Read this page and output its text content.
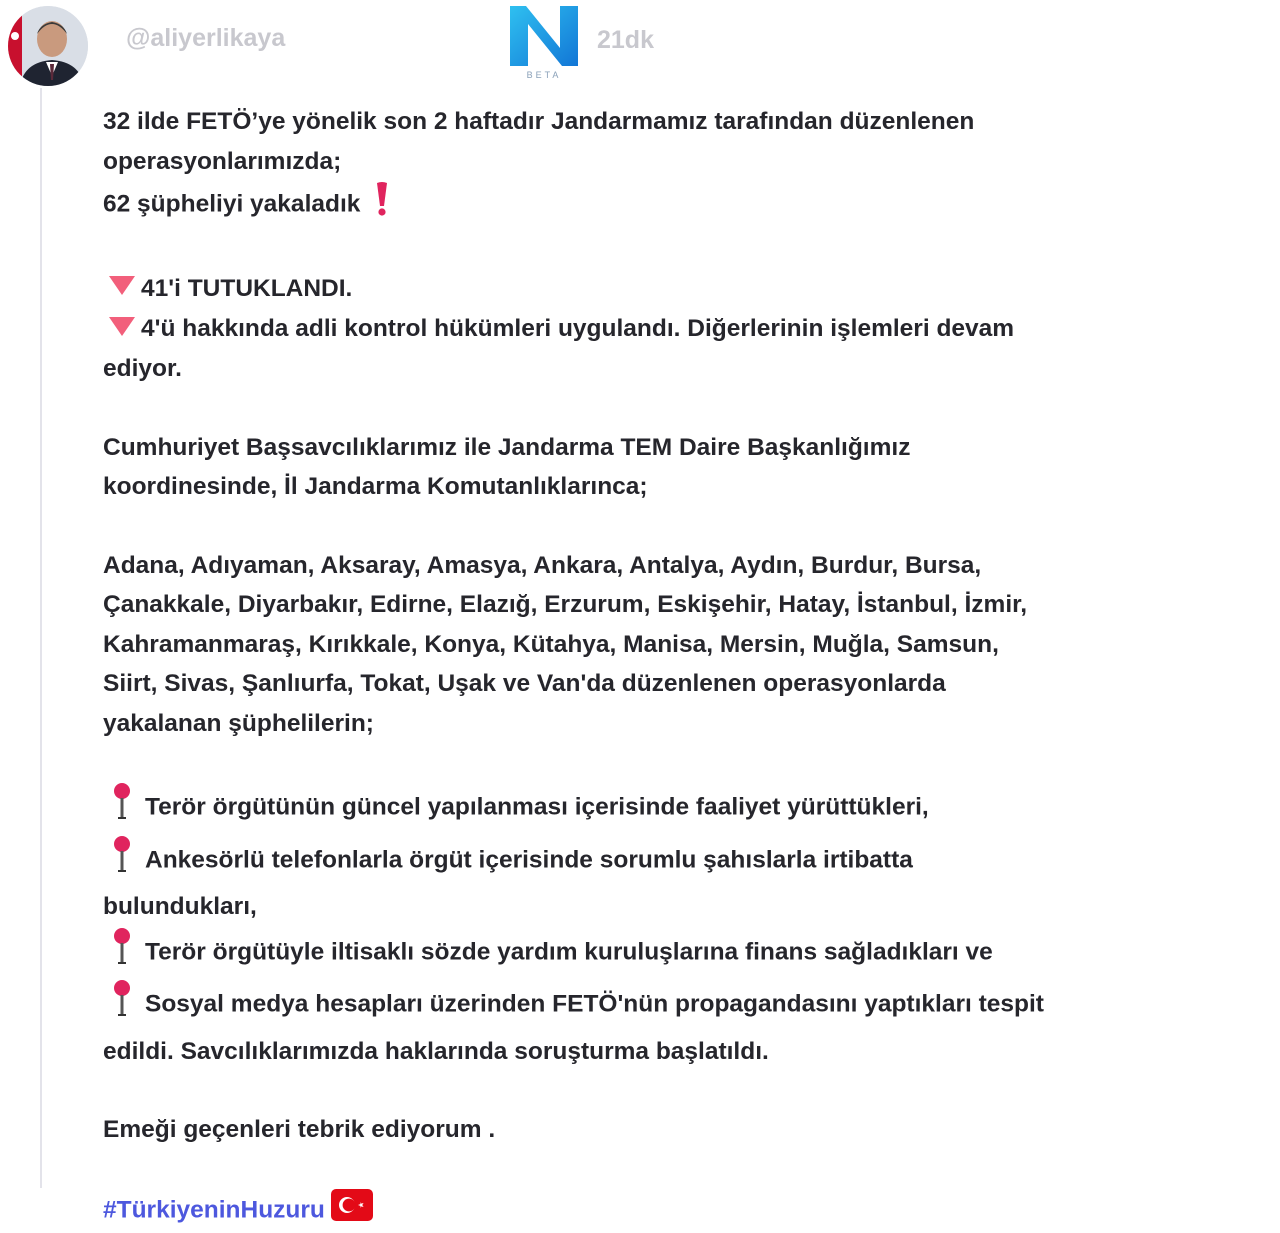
@aliyerlikaya
BETA
21dk

32 ilde FETÖ’ye yönelik son 2 haftadır Jandarmamız tarafından düzenlenen

operasyonlarımızda;

62 şüpheliyi yakaladık

41'i TUTUKLANDI.

4'ü hakkında adli kontrol hükümleri uygulandı. Diğerlerinin işlemleri devam

ediyor.

Cumhuriyet Başsavcılıklarımız ile Jandarma TEM Daire Başkanlığımız

koordinesinde, İl Jandarma Komutanlıklarınca;

Adana, Adıyaman, Aksaray, Amasya, Ankara, Antalya, Aydın, Burdur, Bursa,

Çanakkale, Diyarbakır, Edirne, Elazığ, Erzurum, Eskişehir, Hatay, İstanbul, İzmir,

Kahramanmaraş, Kırıkkale, Konya, Kütahya, Manisa, Mersin, Muğla, Samsun,

Siirt, Sivas, Şanlıurfa, Tokat, Uşak ve Van'da düzenlenen operasyonlarda

yakalanan şüphelilerin;

Terör örgütünün güncel yapılanması içerisinde faaliyet yürüttükleri,

Ankesörlü telefonlarla örgüt içerisinde sorumlu şahıslarla irtibatta

bulundukları,

Terör örgütüyle iltisaklı sözde yardım kuruluşlarına finans sağladıkları ve

Sosyal medya hesapları üzerinden FETÖ'nün propagandasını yaptıkları tespit

edildi. Savcılıklarımızda haklarında soruşturma başlatıldı.

Emeği geçenleri tebrik ediyorum .

#TürkiyeninHuzuru
